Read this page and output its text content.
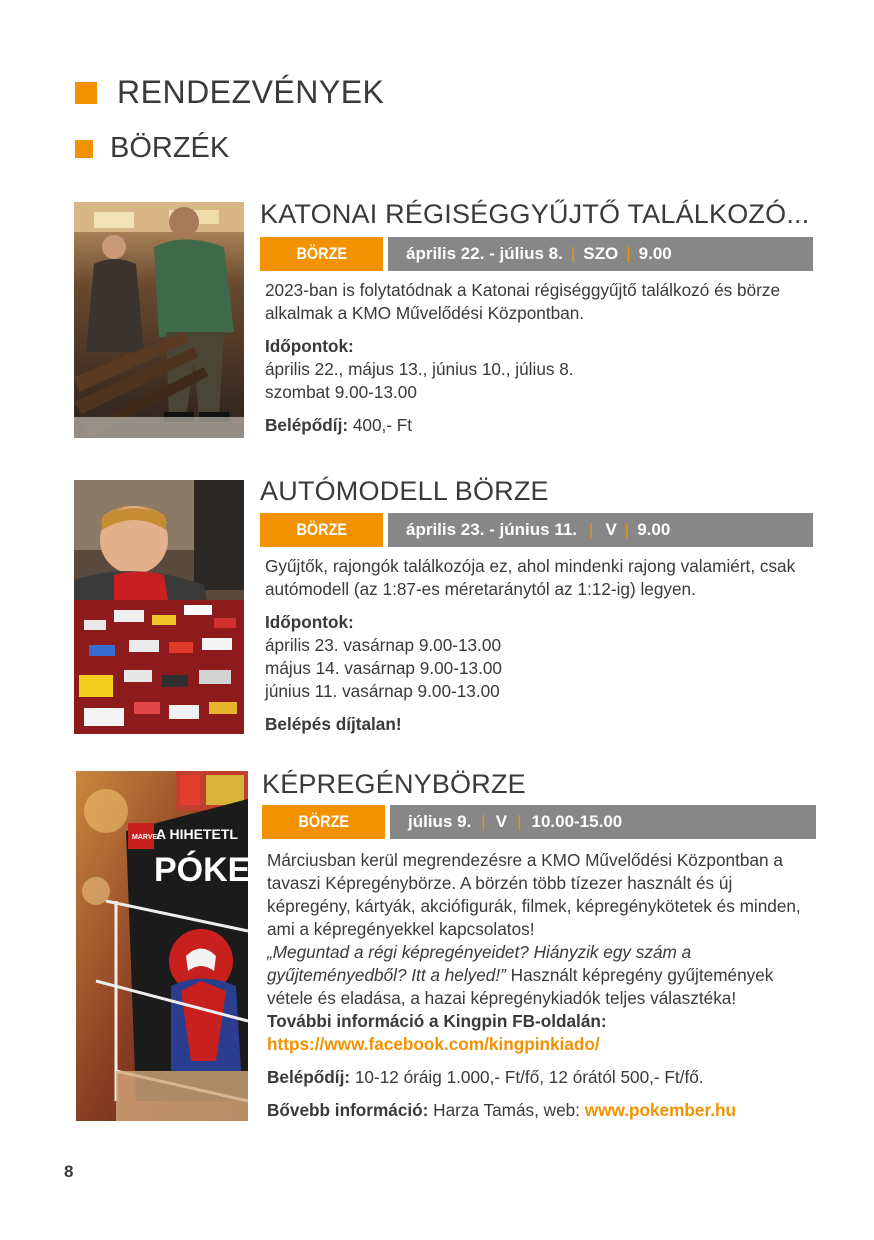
RENDEZVÉNYEK
BÖRZÉK
KATONAI RÉGISÉGGYŰJTŐ TALÁLKOZÓ...
BÖRZE	április 22. - július 8. | SZO | 9.00

2023-ban is folytatódnak a Katonai régiséggyűjtő találkozó és börze alkalmak a KMO Művelődési Központban.

Időpontok:

április 22., május 13., június 10., július 8.

szombat 9.00-13.00

Belépődíj: 400,- Ft

AUTÓMODELL BÖRZE
BÖRZE	április 23. - június 11. | V | 9.00

Gyűjtők, rajongók találkozója ez, ahol mindenki rajong valamiért, csak autómodell (az 1:87-es méretaránytól az 1:12-ig) legyen.

Időpontok:

április 23. vasárnap 9.00-13.00

május 14. vasárnap 9.00-13.00

június 11. vasárnap 9.00-13.00

Belépés díjtalan!

MARVEL
A HIHETETL
PÓKEM
KÉPREGÉNYBÖRZE
BÖRZE	július 9. | V | 10.00-15.00

Márciusban kerül megrendezésre a KMO Művelődési Központban a tavaszi Képregénybörze. A börzén több tízezer használt és új képregény, kártyák, akciófigurák, filmek, képregénykötetek és minden, ami a képregényekkel kapcsolatos!

„Meguntad a régi képregényeidet? Hiányzik egy szám a gyűjteményedből? Itt a helyed!” Használt képregény gyűjtemények vétele és eladása, a hazai képregénykiadók teljes választéka!

További információ a Kingpin FB-oldalán:

https://www.facebook.com/kingpinkiado/

Belépődíj: 10-12 óráig 1.000,- Ft/fő, 12 órától 500,- Ft/fő.

Bővebb információ: Harza Tamás, web: www.pokember.hu

8
